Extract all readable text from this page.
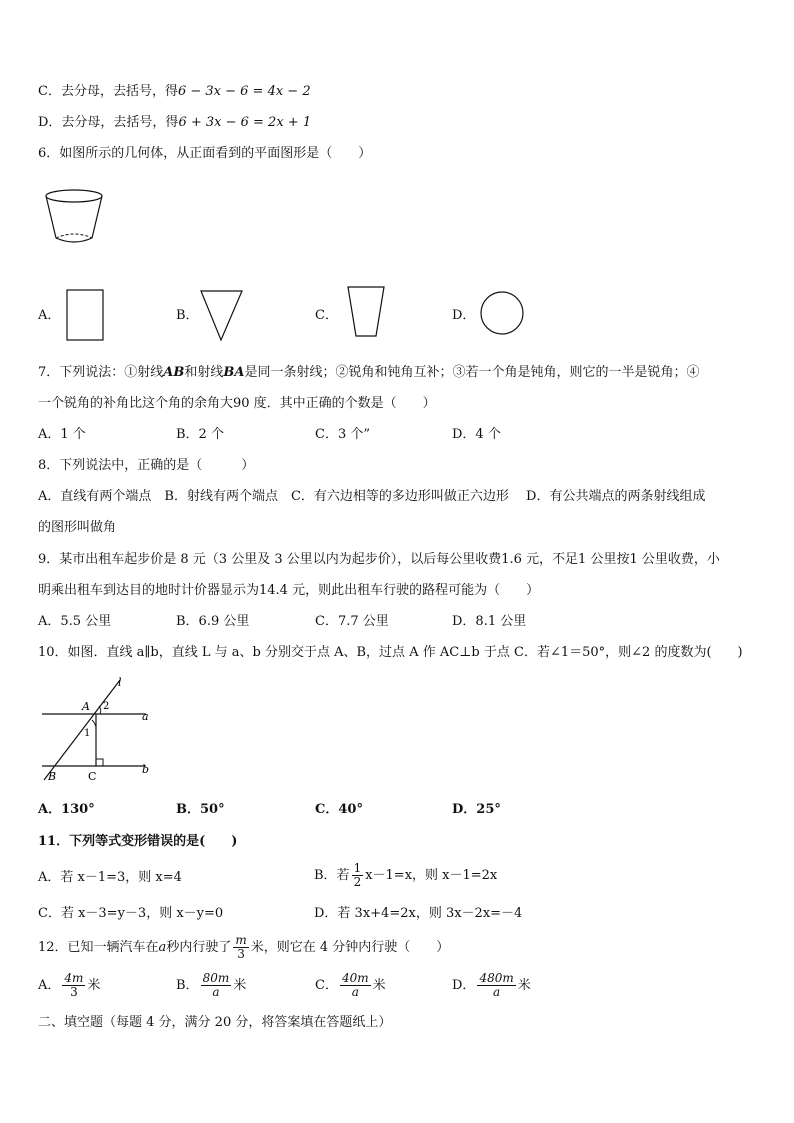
C．去分母，去括号，得6 − 3x − 6 = 4x − 2
D．去分母，去括号，得6 + 3x − 6 = 2x + 1
6．如图所示的几何体，从正面看到的平面图形是（　　）
A．	B．	C．	D．
7．下列说法：①射线AB和射线BA是同一条射线；②锐角和钝角互补；③若一个角是钝角，则它的一半是锐角；④
一个锐角的补角比这个角的余角大90 度．其中正确的个数是（　　）
A．1 个	B．2 个	C．3 个”	D．4 个
8．下列说法中，正确的是（　　　）
A．直线有两个端点　B．射线有两个端点　C．有六边相等的多边形叫做正六边形　 D．有公共端点的两条射线组成
的图形叫做角
9．某市出租车起步价是 8 元（3 公里及 3 公里以内为起步价），以后每公里收费1.6 元，不足1 公里按1 公里收费，小
明乘出租车到达目的地时计价器显示为14.4 元，则此出租车行驶的路程可能为（　　）
A．5.5 公里	B．6.9 公里	C．7.7 公里	D．8.1 公里
10．如图．直线 a∥b，直线 L 与 a、b 分别交于点 A、B，过点 A 作 AC⊥b 于点 C．若∠1＝50°，则∠2 的度数为(　　)
l
a
b
A
B	C
1
2
A．130°	B．50°	C．40°	D．25°
11．下列等式变形错误的是(　　)
A．若 x－1=3，则 x=4	B．若 $\frac{1}{2} x-1=x$，则 x－1=2x
C．若 x－3=y－3，则 x－y=0	D．若 3x+4=2x，则 3x－2x=－4
12．已知一辆汽车在a秒内行驶了 $\frac{m}{3}$ 米，则它在 4 分钟内行驶（　　）
A． $\frac{4m}{3}$ 米	B． $\frac{80m}{a}$ 米	C． $\frac{40m}{a}$ 米	D． $\frac{480m}{a}$ 米
二、填空题（每题 4 分，满分 20 分，将答案填在答题纸上）
